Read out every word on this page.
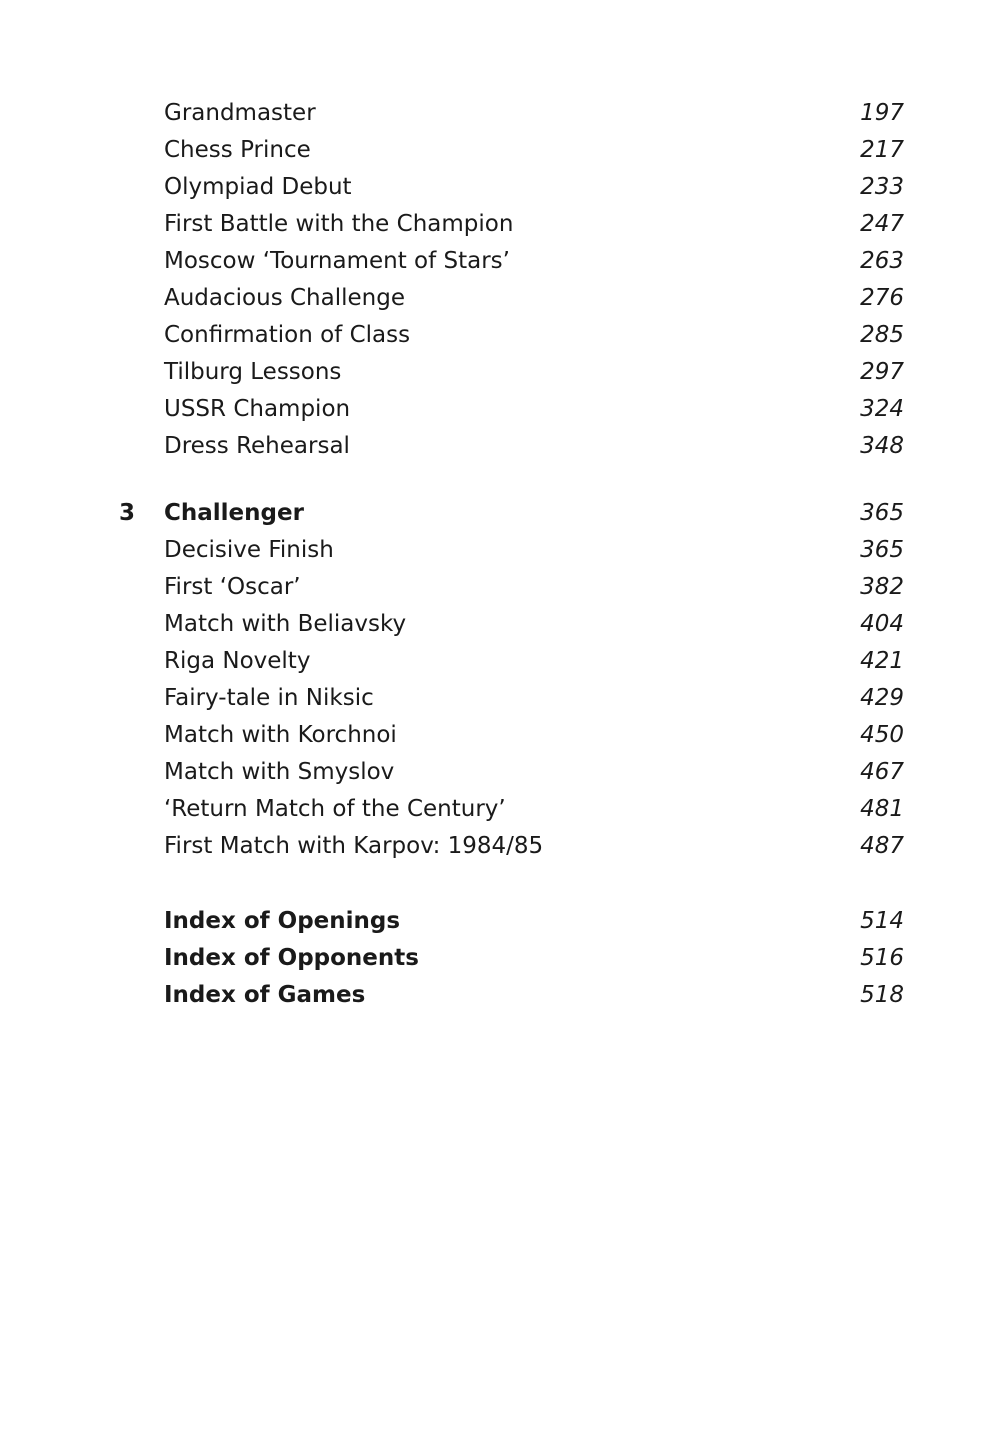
Grandmaster	197
Chess Prince	217
Olympiad Debut	233
First Battle with the Champion	247
Moscow ‘Tournament of Stars’	263
Audacious Challenge	276
Confirmation of Class	285
Tilburg Lessons	297
USSR Champion	324
Dress Rehearsal	348
3 Challenger	365
Decisive Finish	365
First ‘Oscar’	382
Match with Beliavsky	404
Riga Novelty	421
Fairy-tale in Niksic	429
Match with Korchnoi	450
Match with Smyslov	467
‘Return Match of the Century’	481
First Match with Karpov: 1984/85	487
Index of Openings	514
Index of Opponents	516
Index of Games	518
